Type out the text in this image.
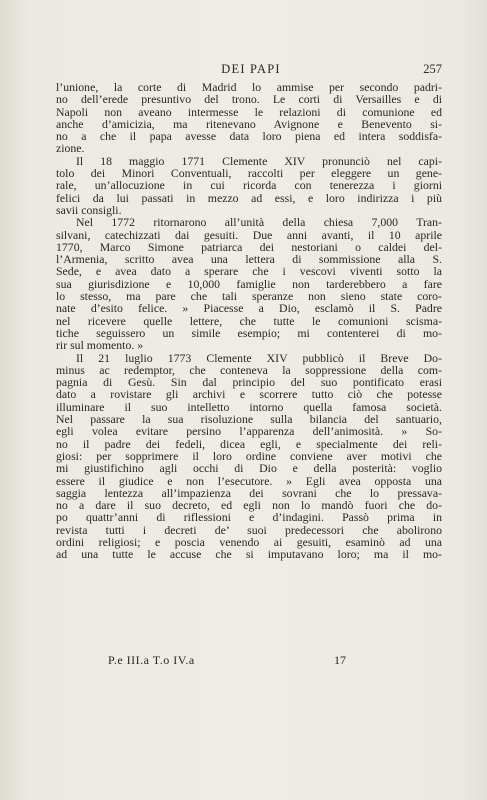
DEI PAPI	257
l’unione, la corte di Madrid lo ammise per secondo padri-
no dell’erede presuntivo del trono. Le corti di Versailles e di
Napoli non aveano intermesse le relazioni di comunione ed
anche d’amicizia, ma ritenevano Avignone e Benevento si-
no a che il papa avesse data loro piena ed intera soddisfa-
zione.
Il 18 maggio 1771 Clemente XIV pronunciò nel capi-
tolo dei Minori Conventuali, raccolti per eleggere un gene-
rale, un’allocuzione in cui ricorda con tenerezza i giorni
felici da lui passati in mezzo ad essi, e loro indirizza i più
savii consigli.
Nel 1772 ritornarono all’unità della chiesa 7,000 Tran-
silvani, catechizzati dai gesuiti. Due anni avanti, il 10 aprile
1770, Marco Simone patriarca dei nestoriani o caldei del-
l’Armenia, scritto avea una lettera di sommissione alla S.
Sede, e avea dato a sperare che i vescovi viventi sotto la
sua giurisdizione e 10,000 famiglie non tarderebbero a fare
lo stesso, ma pare che tali speranze non sieno state coro-
nate d’esito felice. » Piacesse a Dio, esclamò il S. Padre
nel ricevere quelle lettere, che tutte le comunioni scisma-
tiche seguissero un simile esempio; mi contenterei di mo-
rir sul momento. »
Il 21 luglio 1773 Clemente XIV pubblicò il Breve Do-
minus ac redemptor, che conteneva la soppressione della com-
pagnia di Gesù. Sin dal principio del suo pontificato erasi
dato a rovistare gli archivi e scorrere tutto ciò che potesse
illuminare il suo intelletto intorno quella famosa società.
Nel passare la sua risoluzione sulla bilancia del santuario,
egli volea evitare persino l’apparenza dell’animosità. » So-
no il padre dei fedeli, dicea egli, e specialmente dei reli-
giosi: per sopprimere il loro ordine conviene aver motivi che
mi giustifichino agli occhi di Dio e della posterità: voglio
essere il giudice e non l’esecutore. » Egli avea opposta una
saggia lentezza all’impazienza dei sovrani che lo pressava-
no a dare il suo decreto, ed egli non lo mandò fuori che do-
po quattr’anni di riflessioni e d’indagini. Passò prima in
revista tutti i decreti de’ suoi predecessori che abolirono
ordini religiosi; e poscia venendo ai gesuiti, esaminò ad una
ad una tutte le accuse che si imputavano loro; ma il mo-
P.e III.a T.o IV.a	17
